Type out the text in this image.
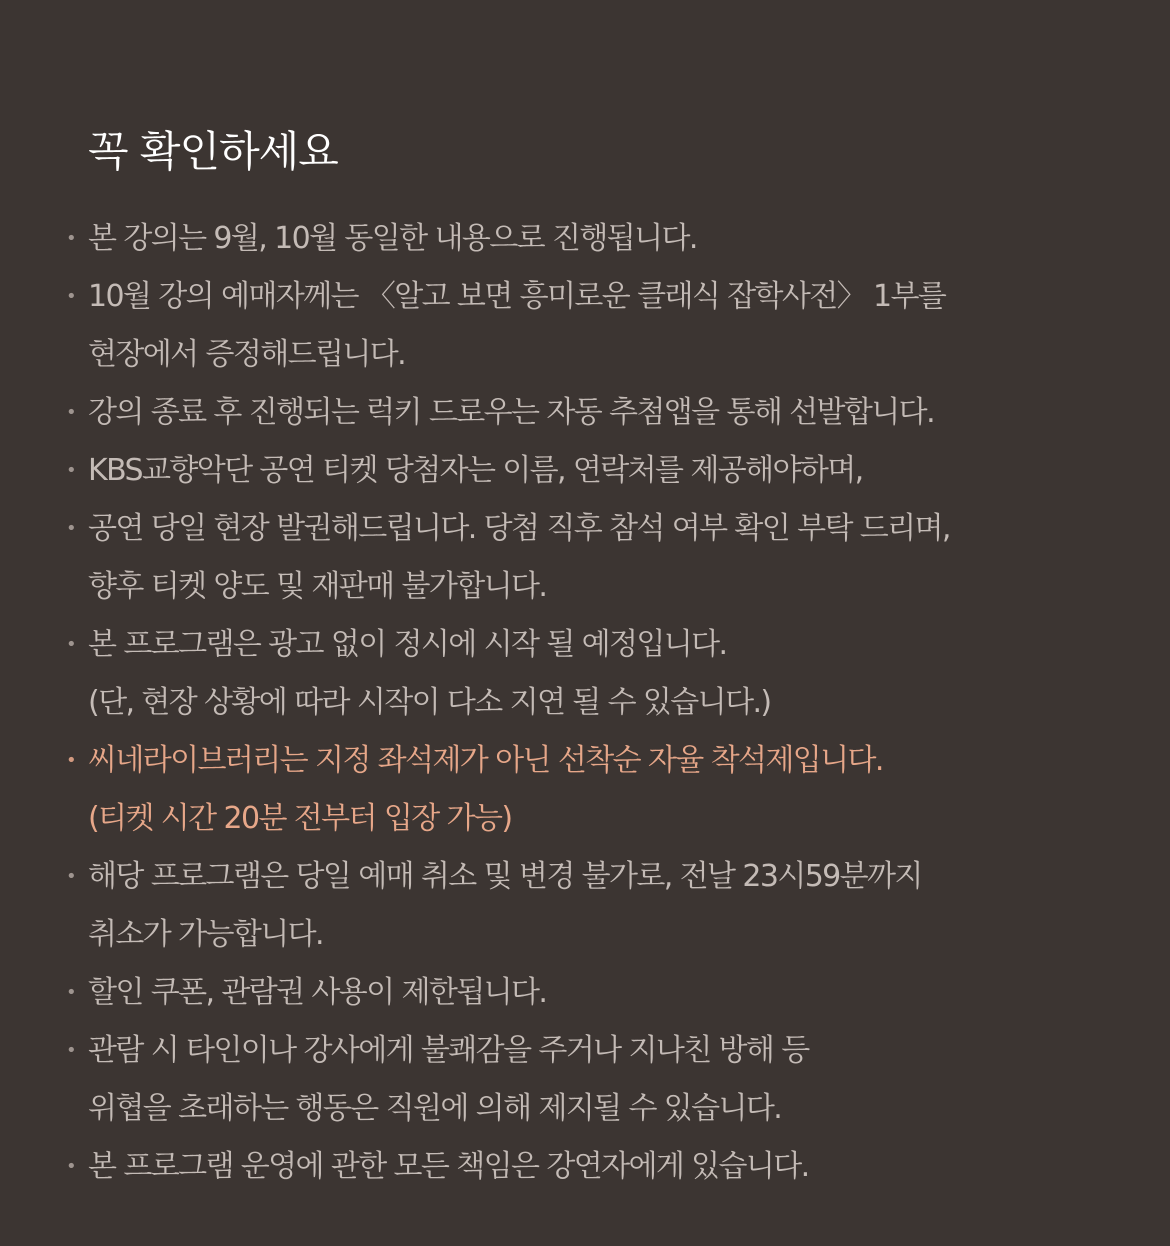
꼭 확인하세요
• 본 강의는 9월, 10월 동일한 내용으로 진행됩니다.
• 10월 강의 예매자께는 〈알고 보면 흥미로운 클래식 잡학사전〉 1부를
현장에서 증정해드립니다.
• 강의 종료 후 진행되는 럭키 드로우는 자동 추첨앱을 통해 선발합니다.
• KBS교향악단 공연 티켓 당첨자는 이름, 연락처를 제공해야하며,
• 공연 당일 현장 발권해드립니다. 당첨 직후 참석 여부 확인 부탁 드리며,
향후 티켓 양도 및 재판매 불가합니다.
• 본 프로그램은 광고 없이 정시에 시작 될 예정입니다.
(단, 현장 상황에 따라 시작이 다소 지연 될 수 있습니다.)
• 씨네라이브러리는 지정 좌석제가 아닌 선착순 자율 착석제입니다.
(티켓 시간 20분 전부터 입장 가능)
• 해당 프로그램은 당일 예매 취소 및 변경 불가로, 전날 23시59분까지
취소가 가능합니다.
• 할인 쿠폰, 관람권 사용이 제한됩니다.
• 관람 시 타인이나 강사에게 불쾌감을 주거나 지나친 방해 등
위협을 초래하는 행동은 직원에 의해 제지될 수 있습니다.
• 본 프로그램 운영에 관한 모든 책임은 강연자에게 있습니다.
